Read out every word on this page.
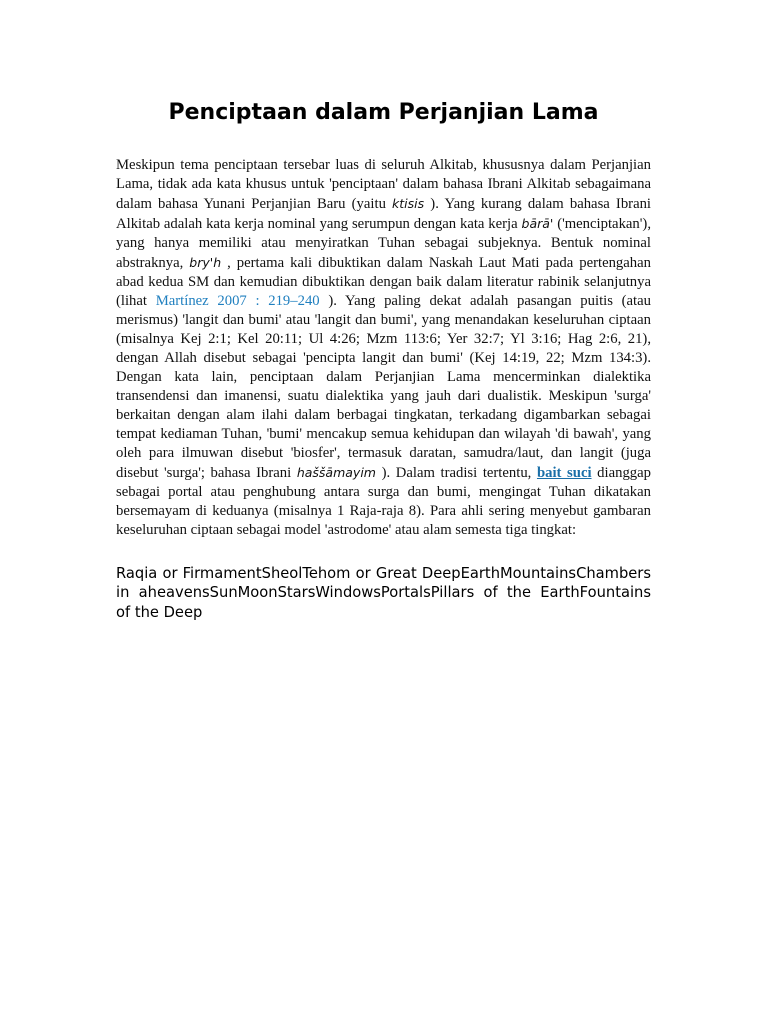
Penciptaan dalam Perjanjian Lama

Meskipun tema penciptaan tersebar luas di seluruh Alkitab, khususnya dalam Perjanjian Lama, tidak ada kata khusus untuk 'penciptaan' dalam bahasa Ibrani Alkitab sebagaimana dalam bahasa Yunani Perjanjian Baru (yaitu ktisis ). Yang kurang dalam bahasa Ibrani Alkitab adalah kata kerja nominal yang serumpun dengan kata kerja bārā' ('menciptakan'), yang hanya memiliki atau menyiratkan Tuhan sebagai subjeknya. Bentuk nominal abstraknya, bry'h , pertama kali dibuktikan dalam Naskah Laut Mati pada pertengahan abad kedua SM dan kemudian dibuktikan dengan baik dalam literatur rabinik selanjutnya (lihat Martínez 2007 : 219–240 ). Yang paling dekat adalah pasangan puitis (atau merismus) 'langit dan bumi' atau 'langit dan bumi', yang menandakan keseluruhan ciptaan (misalnya Kej 2:1; Kel 20:11; Ul 4:26; Mzm 113:6; Yer 32:7; Yl 3:16; Hag 2:6, 21), dengan Allah disebut sebagai 'pencipta langit dan bumi' (Kej 14:19, 22; Mzm 134:3). Dengan kata lain, penciptaan dalam Perjanjian Lama mencerminkan dialektika transendensi dan imanensi, suatu dialektika yang jauh dari dualistik. Meskipun 'surga' berkaitan dengan alam ilahi dalam berbagai tingkatan, terkadang digambarkan sebagai tempat kediaman Tuhan, 'bumi' mencakup semua kehidupan dan wilayah 'di bawah', yang oleh para ilmuwan disebut 'biosfer', termasuk daratan, samudra/laut, dan langit (juga disebut 'surga'; bahasa Ibrani haššāmayim ). Dalam tradisi tertentu, bait suci dianggap sebagai portal atau penghubung antara surga dan bumi, mengingat Tuhan dikatakan bersemayam di keduanya (misalnya 1 Raja-raja 8). Para ahli sering menyebut gambaran keseluruhan ciptaan sebagai model 'astrodome' atau alam semesta tiga tingkat:

Raqia or FirmamentSheolTehom or Great DeepEarthMountainsChambers in aheavensSunMoonStarsWindowsPortalsPillars of the EarthFountains of the Deep
